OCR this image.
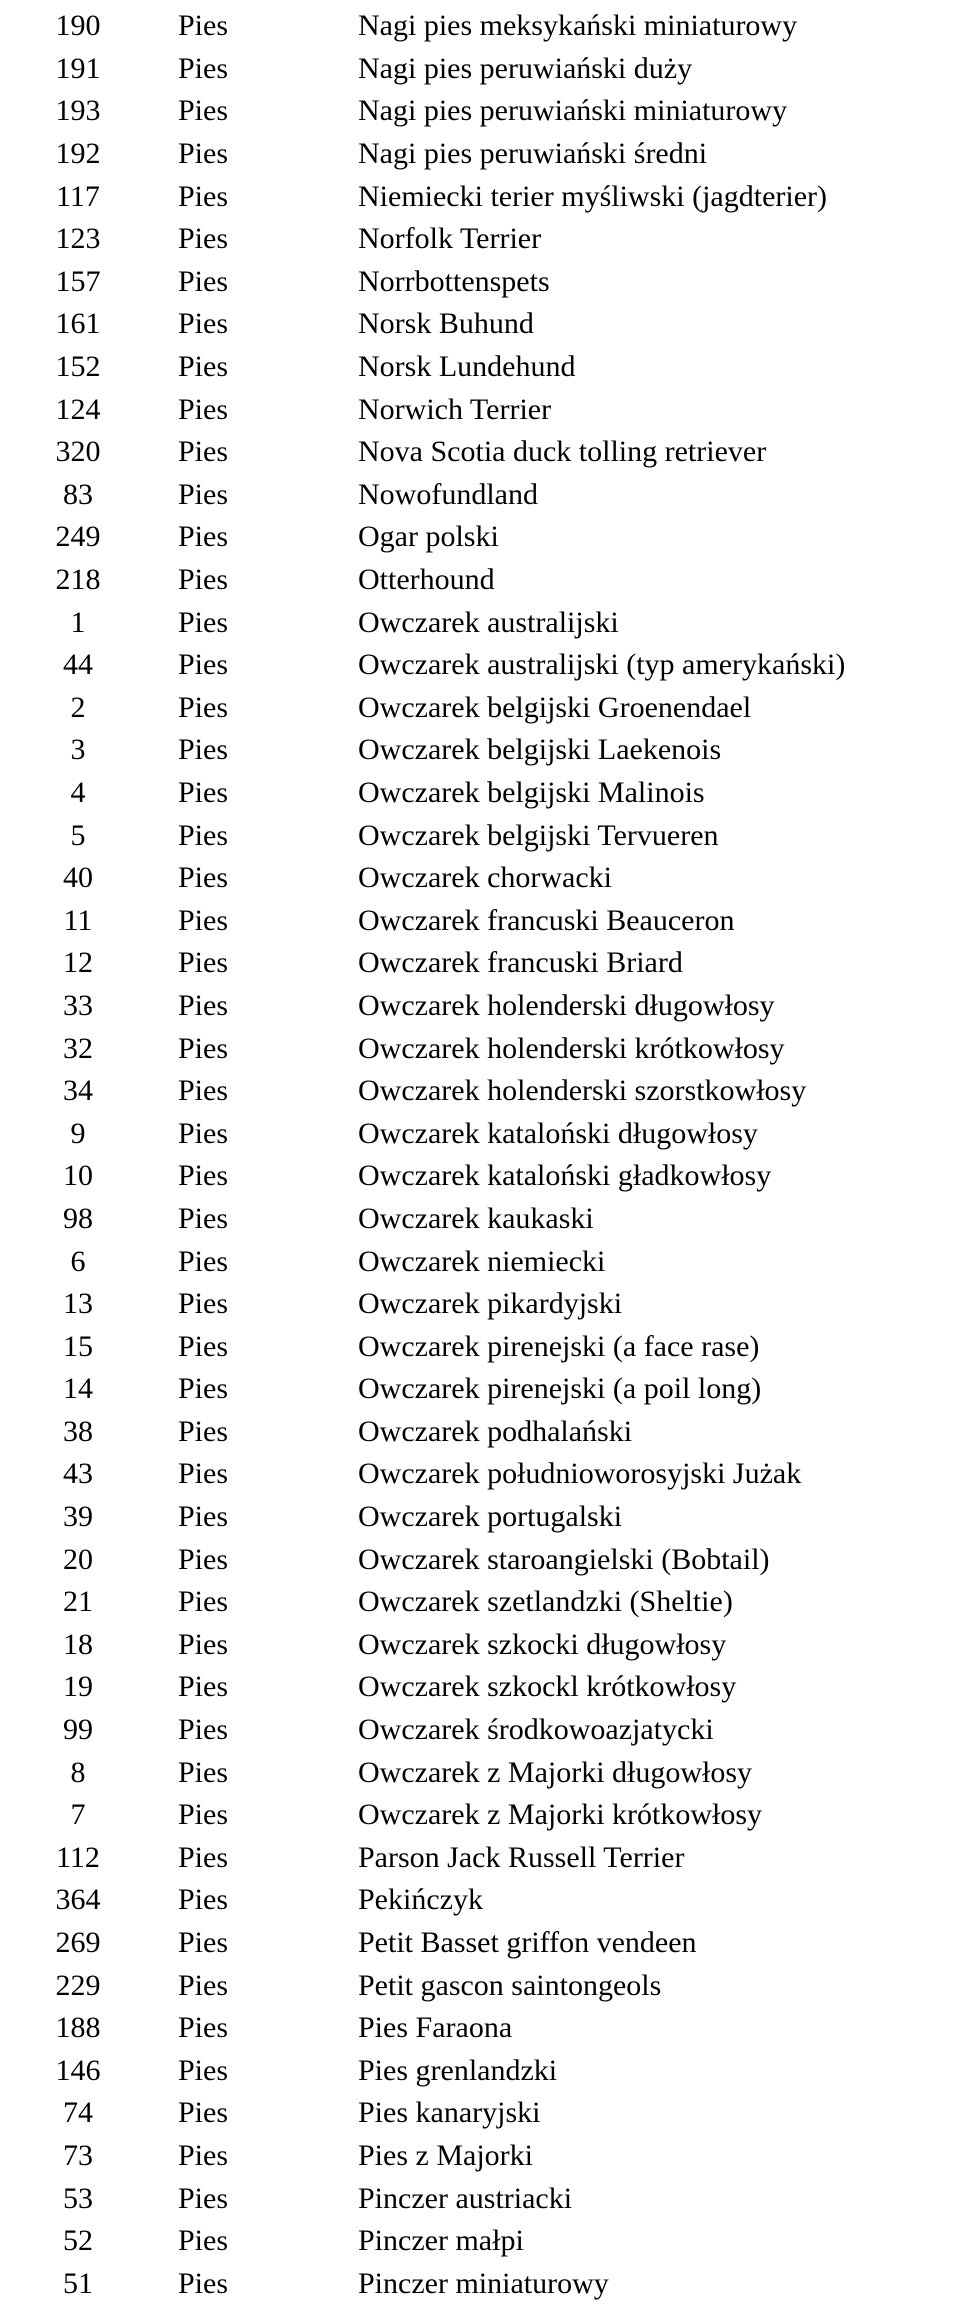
190	Pies	Nagi pies meksykański miniaturowy
191	Pies	Nagi pies peruwiański duży
193	Pies	Nagi pies peruwiański miniaturowy
192	Pies	Nagi pies peruwiański średni
117	Pies	Niemiecki terier myśliwski (jagdterier)
123	Pies	Norfolk Terrier
157	Pies	Norrbottenspets
161	Pies	Norsk Buhund
152	Pies	Norsk Lundehund
124	Pies	Norwich Terrier
320	Pies	Nova Scotia duck tolling retriever
83	Pies	Nowofundland
249	Pies	Ogar polski
218	Pies	Otterhound
1	Pies	Owczarek australijski
44	Pies	Owczarek australijski (typ amerykański)
2	Pies	Owczarek belgijski Groenendael
3	Pies	Owczarek belgijski Laekenois
4	Pies	Owczarek belgijski Malinois
5	Pies	Owczarek belgijski Tervueren
40	Pies	Owczarek chorwacki
11	Pies	Owczarek francuski Beauceron
12	Pies	Owczarek francuski Briard
33	Pies	Owczarek holenderski długowłosy
32	Pies	Owczarek holenderski krótkowłosy
34	Pies	Owczarek holenderski szorstkowłosy
9	Pies	Owczarek kataloński długowłosy
10	Pies	Owczarek kataloński gładkowłosy
98	Pies	Owczarek kaukaski
6	Pies	Owczarek niemiecki
13	Pies	Owczarek pikardyjski
15	Pies	Owczarek pirenejski (a face rase)
14	Pies	Owczarek pirenejski (a poil long)
38	Pies	Owczarek podhalański
43	Pies	Owczarek południoworosyjski Jużak
39	Pies	Owczarek portugalski
20	Pies	Owczarek staroangielski (Bobtail)
21	Pies	Owczarek szetlandzki (Sheltie)
18	Pies	Owczarek szkocki długowłosy
19	Pies	Owczarek szkockl krótkowłosy
99	Pies	Owczarek środkowoazjatycki
8	Pies	Owczarek z Majorki długowłosy
7	Pies	Owczarek z Majorki krótkowłosy
112	Pies	Parson Jack Russell Terrier
364	Pies	Pekińczyk
269	Pies	Petit Basset griffon vendeen
229	Pies	Petit gascon saintongeols
188	Pies	Pies Faraona
146	Pies	Pies grenlandzki
74	Pies	Pies kanaryjski
73	Pies	Pies z Majorki
53	Pies	Pinczer austriacki
52	Pies	Pinczer małpi
51	Pies	Pinczer miniaturowy
